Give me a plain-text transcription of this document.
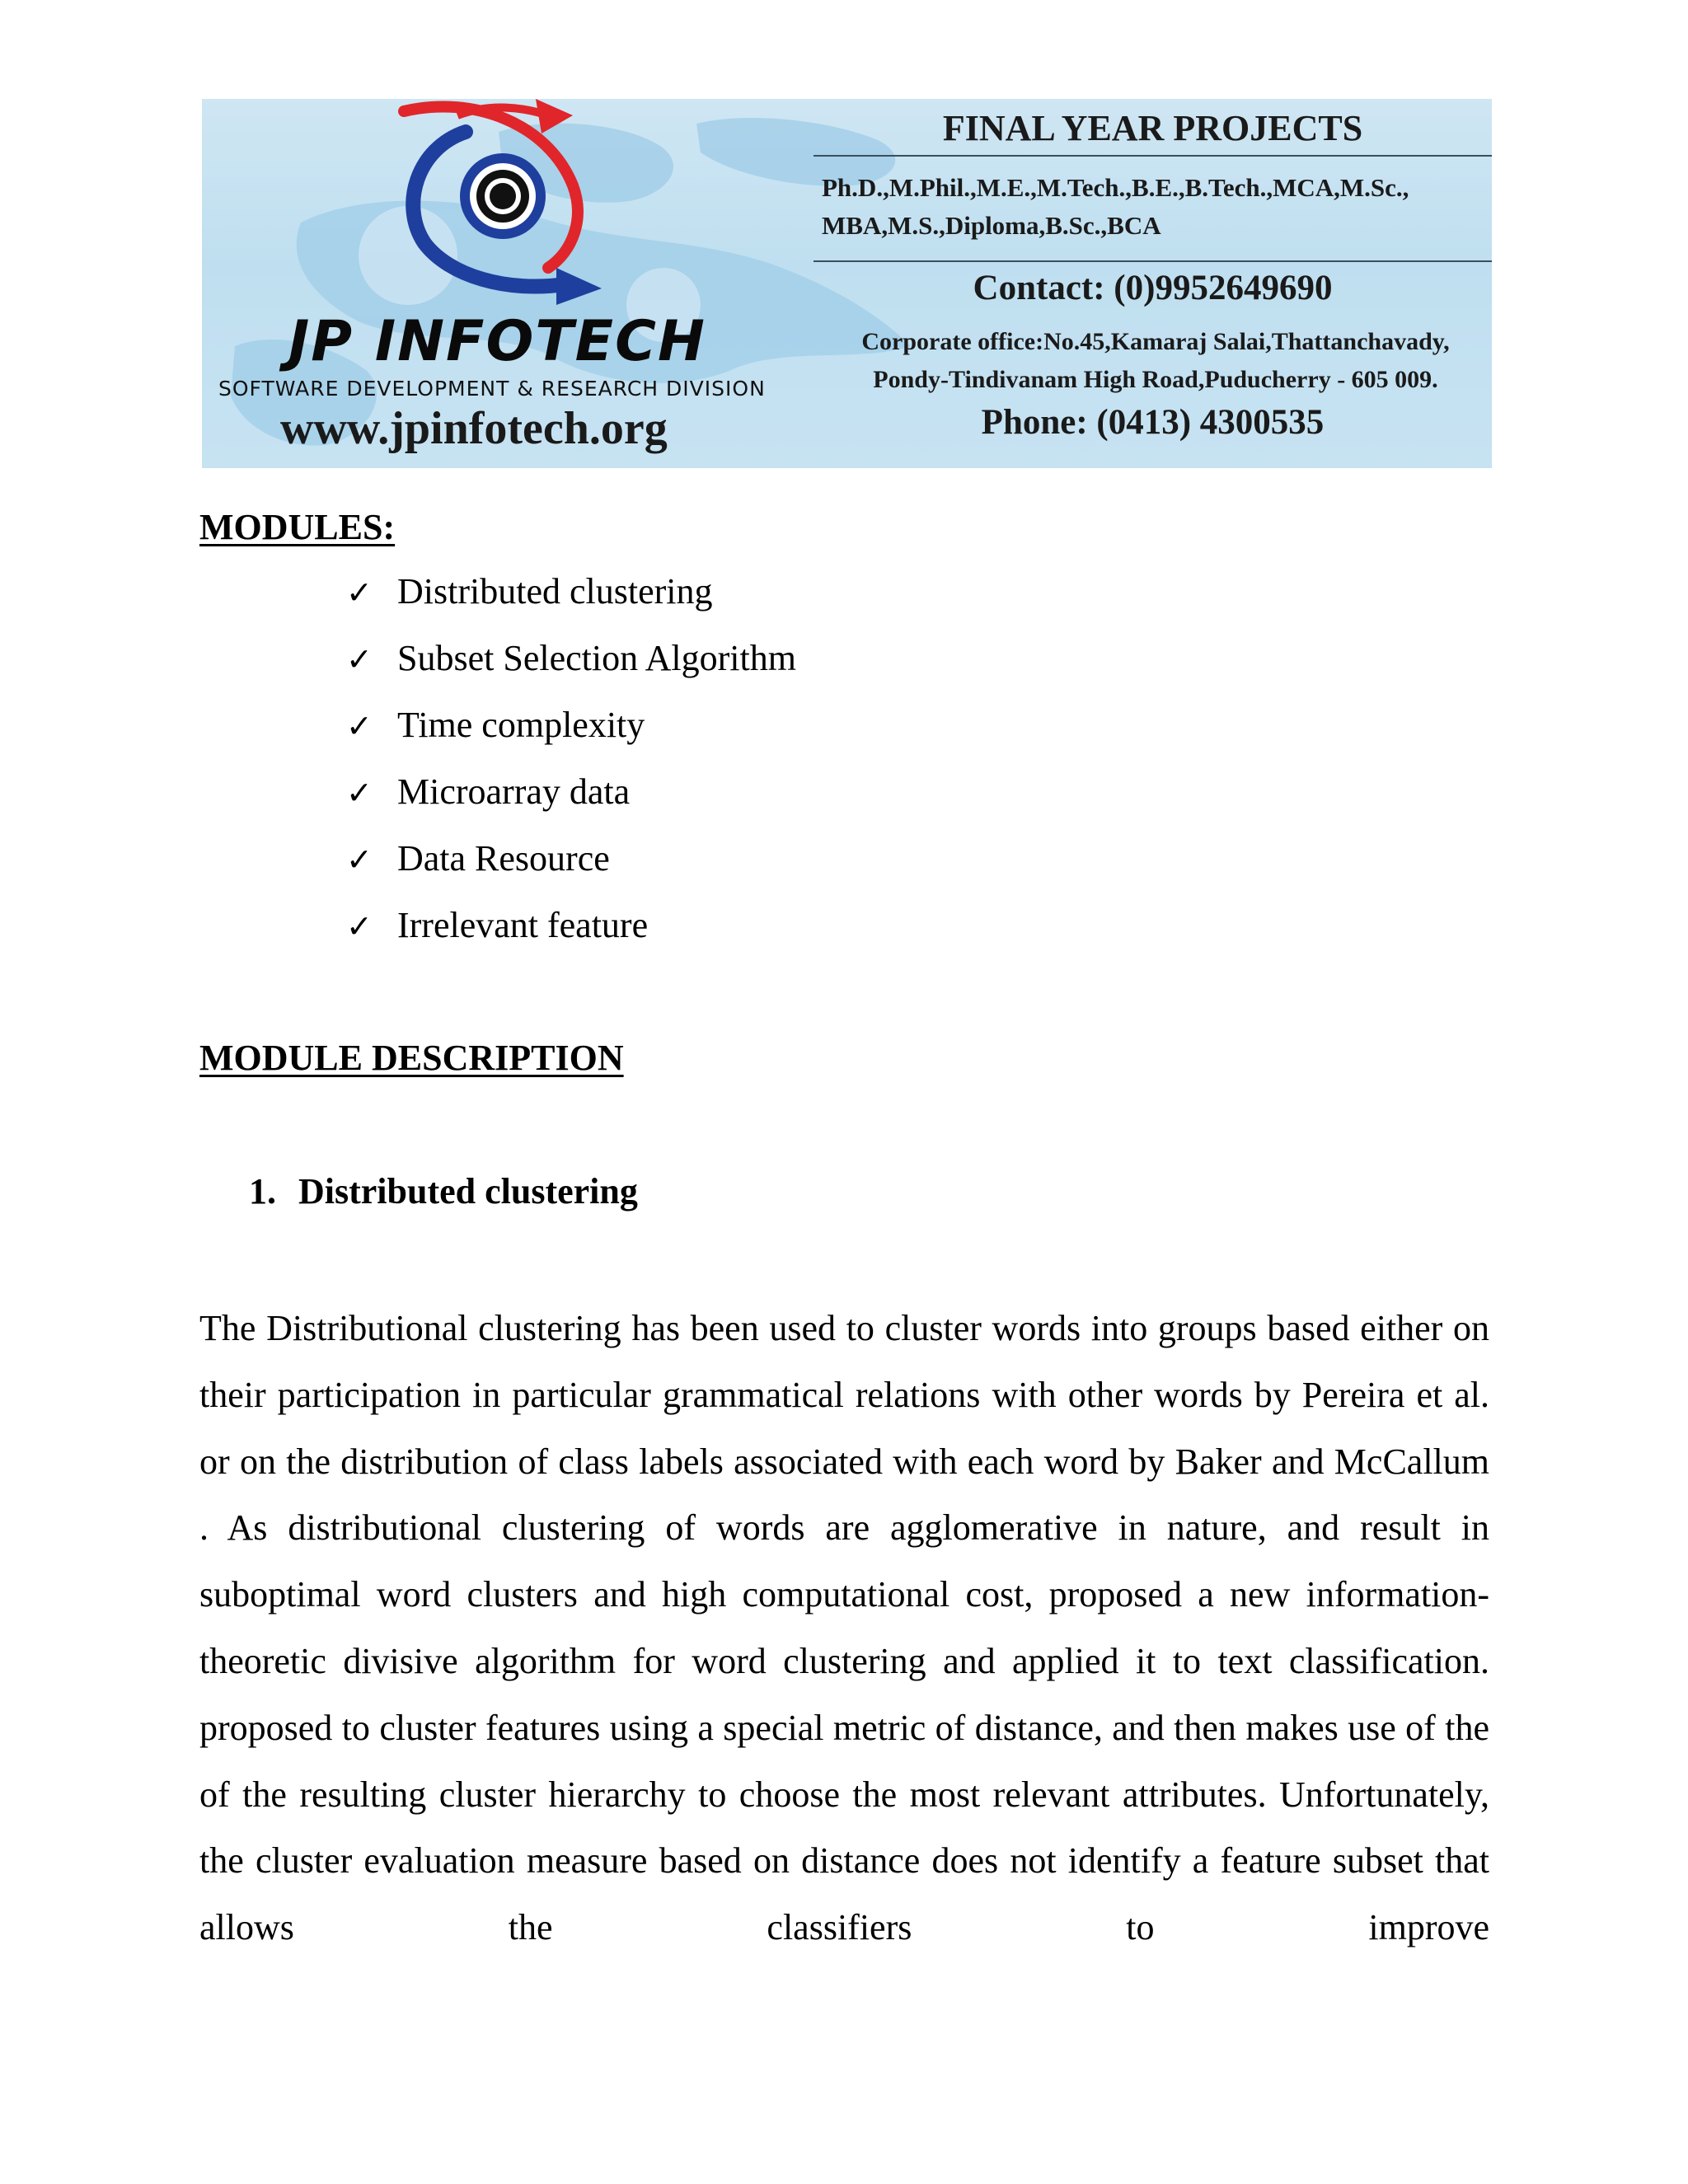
JP INFOTECH
SOFTWARE DEVELOPMENT & RESEARCH DIVISION
www.jpinfotech.org
FINAL YEAR PROJECTS
Ph.D.,M.Phil.,M.E.,M.Tech.,B.E.,B.Tech.,MCA,M.Sc.,
MBA,M.S.,Diploma,B.Sc.,BCA
Contact: (0)9952649690
Corporate office:No.45,Kamaraj Salai,Thattanchavady,
Pondy-Tindivanam High Road,Puducherry - 605 009.
Phone: (0413) 4300535
MODULES:
✓ Distributed clustering
✓ Subset Selection Algorithm
✓ Time complexity
✓ Microarray data
✓ Data Resource
✓ Irrelevant feature
MODULE DESCRIPTION
1. Distributed clustering

The Distributional clustering has been used to cluster words into groups based either on their participation in particular grammatical relations with other words by Pereira et al. or on the distribution of class labels associated with each word by Baker and McCallum . As distributional clustering of words are agglomerative in nature, and result in suboptimal word clusters and high computational cost, proposed a new information-theoretic divisive algorithm for word clustering and applied it to text classification. proposed to cluster features using a special metric of distance, and then makes use of the of the resulting cluster hierarchy to choose the most relevant attributes. Unfortunately, the cluster evaluation measure based on distance does not identify a feature subset that allows the classifiers to improve
